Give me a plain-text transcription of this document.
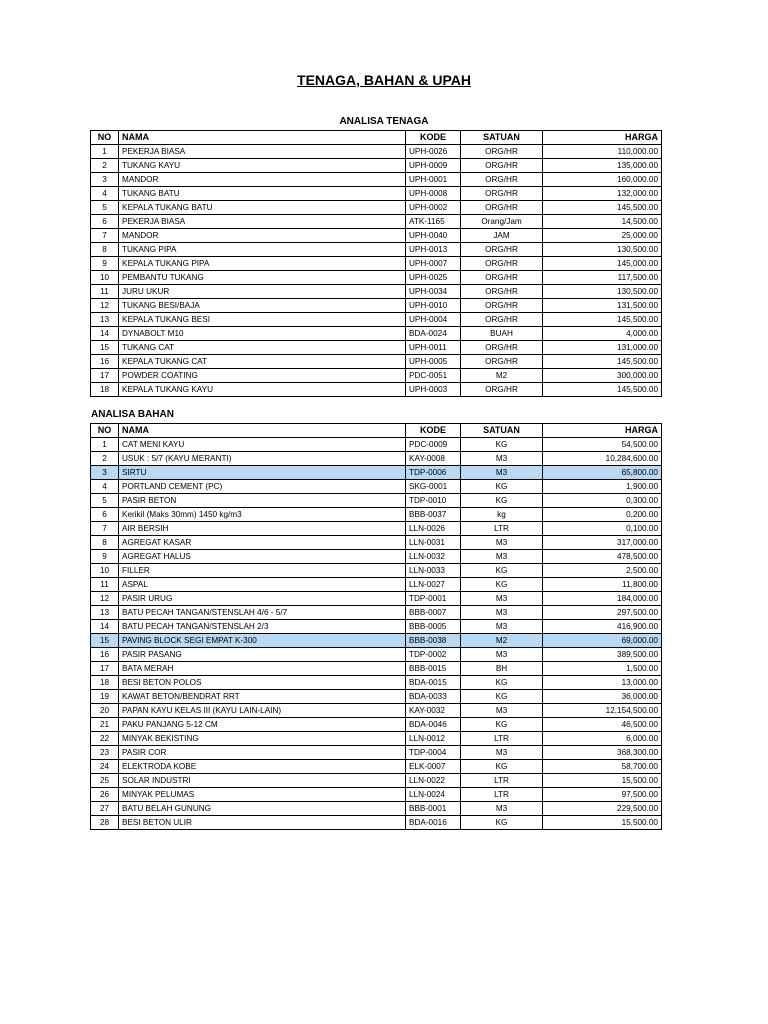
TENAGA, BAHAN & UPAH
ANALISA TENAGA
NO	NAMA	KODE	SATUAN	HARGA
1	PEKERJA BIASA	UPH-0026	ORG/HR	110,000.00
2	TUKANG KAYU	UPH-0009	ORG/HR	135,000.00
3	MANDOR	UPH-0001	ORG/HR	160,000.00
4	TUKANG BATU	UPH-0008	ORG/HR	132,000.00
5	KEPALA TUKANG BATU	UPH-0002	ORG/HR	145,500.00
6	PEKERJA BIASA	ATK-1165	Orang/Jam	14,500.00
7	MANDOR	UPH-0040	JAM	25,000.00
8	TUKANG PIPA	UPH-0013	ORG/HR	130,500.00
9	KEPALA TUKANG PIPA	UPH-0007	ORG/HR	145,000.00
10	PEMBANTU TUKANG	UPH-0025	ORG/HR	117,500.00
11	JURU UKUR	UPH-0034	ORG/HR	130,500.00
12	TUKANG BESI/BAJA	UPH-0010	ORG/HR	131,500.00
13	KEPALA TUKANG BESI	UPH-0004	ORG/HR	145,500.00
14	DYNABOLT M10	BDA-0024	BUAH	4,000.00
15	TUKANG CAT	UPH-0011	ORG/HR	131,000.00
16	KEPALA TUKANG CAT	UPH-0005	ORG/HR	145,500.00
17	POWDER COATING	PDC-0051	M2	300,000.00
18	KEPALA TUKANG KAYU	UPH-0003	ORG/HR	145,500.00
ANALISA BAHAN
NO	NAMA	KODE	SATUAN	HARGA
1	CAT MENI KAYU	PDC-0009	KG	54,500.00
2	USUK : 5/7 (KAYU MERANTI)	KAY-0008	M3	10,284,600.00
3	SIRTU	TDP-0006	M3	65,800.00
4	PORTLAND CEMENT (PC)	SKG-0001	KG	1,900.00
5	PASIR BETON	TDP-0010	KG	0,300.00
6	Kerikil (Maks 30mm) 1450 kg/m3	BBB-0037	kg	0,200.00
7	AIR BERSIH	LLN-0026	LTR	0,100.00
8	AGREGAT KASAR	LLN-0031	M3	317,000.00
9	AGREGAT HALUS	LLN-0032	M3	478,500.00
10	FILLER	LLN-0033	KG	2,500.00
11	ASPAL	LLN-0027	KG	11,800.00
12	PASIR URUG	TDP-0001	M3	184,000.00
13	BATU PECAH TANGAN/STENSLAH 4/6 - 5/7	BBB-0007	M3	297,500.00
14	BATU PECAH TANGAN/STENSLAH 2/3	BBB-0005	M3	416,900.00
15	PAVING BLOCK SEGI EMPAT K-300	BBB-0038	M2	69,000.00
16	PASIR PASANG	TDP-0002	M3	389,500.00
17	BATA MERAH	BBB-0015	BH	1,500.00
18	BESI BETON POLOS	BDA-0015	KG	13,000.00
19	KAWAT BETON/BENDRAT RRT	BDA-0033	KG	36,000.00
20	PAPAN KAYU KELAS III (KAYU LAIN-LAIN)	KAY-0032	M3	12,154,500.00
21	PAKU PANJANG 5-12 CM	BDA-0046	KG	46,500.00
22	MINYAK BEKISTING	LLN-0012	LTR	6,000.00
23	PASIR COR	TDP-0004	M3	368,300.00
24	ELEKTRODA KOBE	ELK-0007	KG	58,700.00
25	SOLAR INDUSTRI	LLN-0022	LTR	15,500.00
26	MINYAK PELUMAS	LLN-0024	LTR	97,500.00
27	BATU BELAH GUNUNG	BBB-0001	M3	229,500.00
28	BESI BETON ULIR	BDA-0016	KG	15,500.00
